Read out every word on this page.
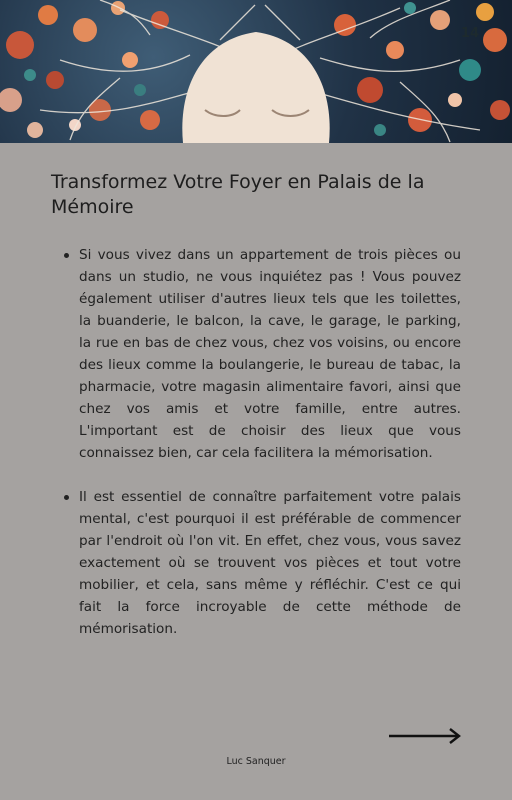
14
Transformez Votre Foyer en Palais de la Mémoire
Si vous vivez dans un appartement de trois pièces ou dans un studio, ne vous inquiétez pas ! Vous pouvez également utiliser d'autres lieux tels que les toilettes, la buanderie, le balcon, la cave, le garage, le parking, la rue en bas de chez vous, chez vos voisins, ou encore des lieux comme la boulangerie, le bureau de tabac, la pharmacie, votre magasin alimentaire favori, ainsi que chez vos amis et votre famille, entre autres. L'important est de choisir des lieux que vous connaissez bien, car cela facilitera la mémorisation.
Il est essentiel de connaître parfaitement votre palais mental, c'est pourquoi il est préférable de commencer par l'endroit où l'on vit. En effet, chez vous, vous savez exactement où se trouvent vos pièces et tout votre mobilier, et cela, sans même y réfléchir. C'est ce qui fait la force incroyable de cette méthode de mémorisation.
Luc Sanquer
